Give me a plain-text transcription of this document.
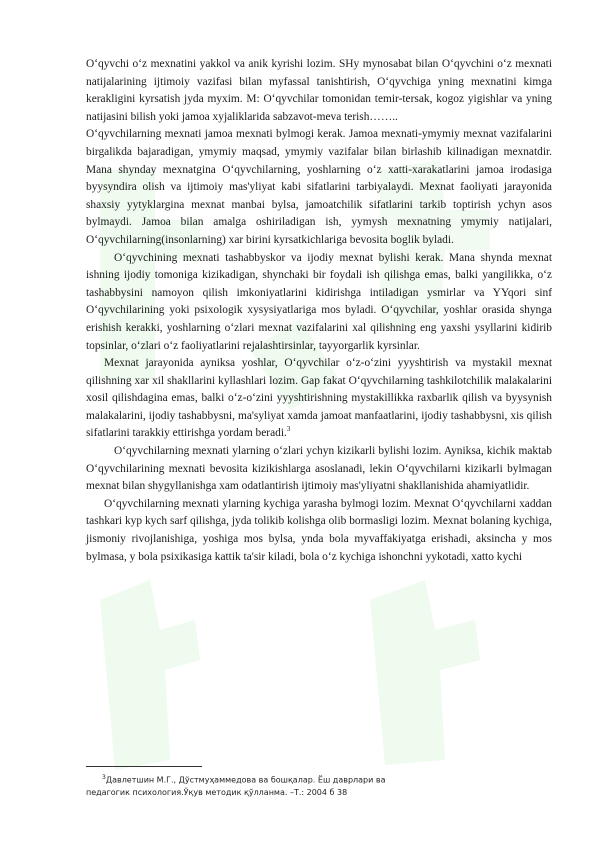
Oʻqyvchi oʻz mexnatini yakkol va anik kyrishi lozim. SHy mynosabat bilan Oʻqyvchini oʻz mexnati natijalarining ijtimoiy vazifasi bilan myfassal tanishtirish, Oʻqyvchiga yning mexnatini kimga kerakligini kyrsatish jyda myxim. M: Oʻqyvchilar tomonidan temir-tersak, kogoz yigishlar va yning natijasini bilish yoki jamoa xyjaliklarida sabzavot-meva terish……..

Oʻqyvchilarning mexnati jamoa mexnati bylmogi kerak. Jamoa mexnati-ymymiy mexnat vazifalarini birgalikda bajaradigan, ymymiy maqsad, ymymiy vazifalar bilan birlashib kilinadigan mexnatdir. Mana shynday mexnatgina Oʻqyvchilarning, yoshlarning oʻz xatti-xarakatlarini jamoa irodasiga byysyndira olish va ijtimoiy mas'yliyat kabi sifatlarini tarbiyalaydi. Mexnat faoliyati jarayonida shaxsiy yytyklargina mexnat manbai bylsa, jamoatchilik sifatlarini tarkib toptirish ychyn asos bylmaydi. Jamoa bilan amalga oshiriladigan ish, yymysh mexnatning ymymiy natijalari, Oʻqyvchilarning(insonlarning) xar birini kyrsatkichlariga bevosita boglik byladi.

Oʻqyvchining mexnati tashabbyskor va ijodiy mexnat bylishi kerak. Mana shynda mexnat ishning ijodiy tomoniga kizikadigan, shynchaki bir foydali ish qilishga emas, balki yangilikka, oʻz tashabbysini namoyon qilish imkoniyatlarini kidirishga intiladigan ysmirlar va YYqori sinf Oʻqyvchilarining yoki psixologik xysysiyatlariga mos byladi. Oʻqyvchilar, yoshlar orasida shynga erishish kerakki, yoshlarning oʻzlari mexnat vazifalarini xal qilishning eng yaxshi ysyllarini kidirib topsinlar, oʻzlari oʻz faoliyatlarini rejalashtirsinlar, tayyorgarlik kyrsinlar.

Mexnat jarayonida ayniksa yoshlar, Oʻqyvchilar oʻz-oʻzini yyyshtirish va mystakil mexnat qilishning xar xil shakllarini kyllashlari lozim. Gap fakat Oʻqyvchilarning tashkilotchilik malakalarini xosil qilishdagina emas, balki oʻz-oʻzini yyyshtirishning mystakillikka raxbarlik qilish va byysynish malakalarini, ijodiy tashabbysni, ma'syliyat xamda jamoat manfaatlarini, ijodiy tashabbysni, xis qilish sifatlarini tarakkiy ettirishga yordam beradi.$^3$

Oʻqyvchilarning mexnati ylarning oʻzlari ychyn kizikarli bylishi lozim. Ayniksa, kichik maktab Oʻqyvchilarining mexnati bevosita kizikishlarga asoslanadi, lekin Oʻqyvchilarni kizikarli bylmagan mexnat bilan shygyllanishga xam odatlantirish ijtimoiy mas'yliyatni shakllanishida ahamiyatlidir.

Oʻqyvchilarning mexnati ylarning kychiga yarasha bylmogi lozim. Mexnat Oʻqyvchilarni xaddan tashkari kyp kych sarf qilishga, jyda tolikib kolishga olib bormasligi lozim. Mexnat bolaning kychiga, jismoniy rivojlanishiga, yoshiga mos bylsa, ynda bola myvaffakiyatga erishadi, aksincha y mos bylmasa, y bola psixikasiga kattik ta'sir kiladi, bola oʻz kychiga ishonchni yykotadi, xatto kychi

$^3$Давлетшин М.Г., Дўстмуҳаммедова ва бошқалар. Ёш даврлари ва педагогик психология.Ўқув методик қўлланма. –Т.: 2004 б 38
